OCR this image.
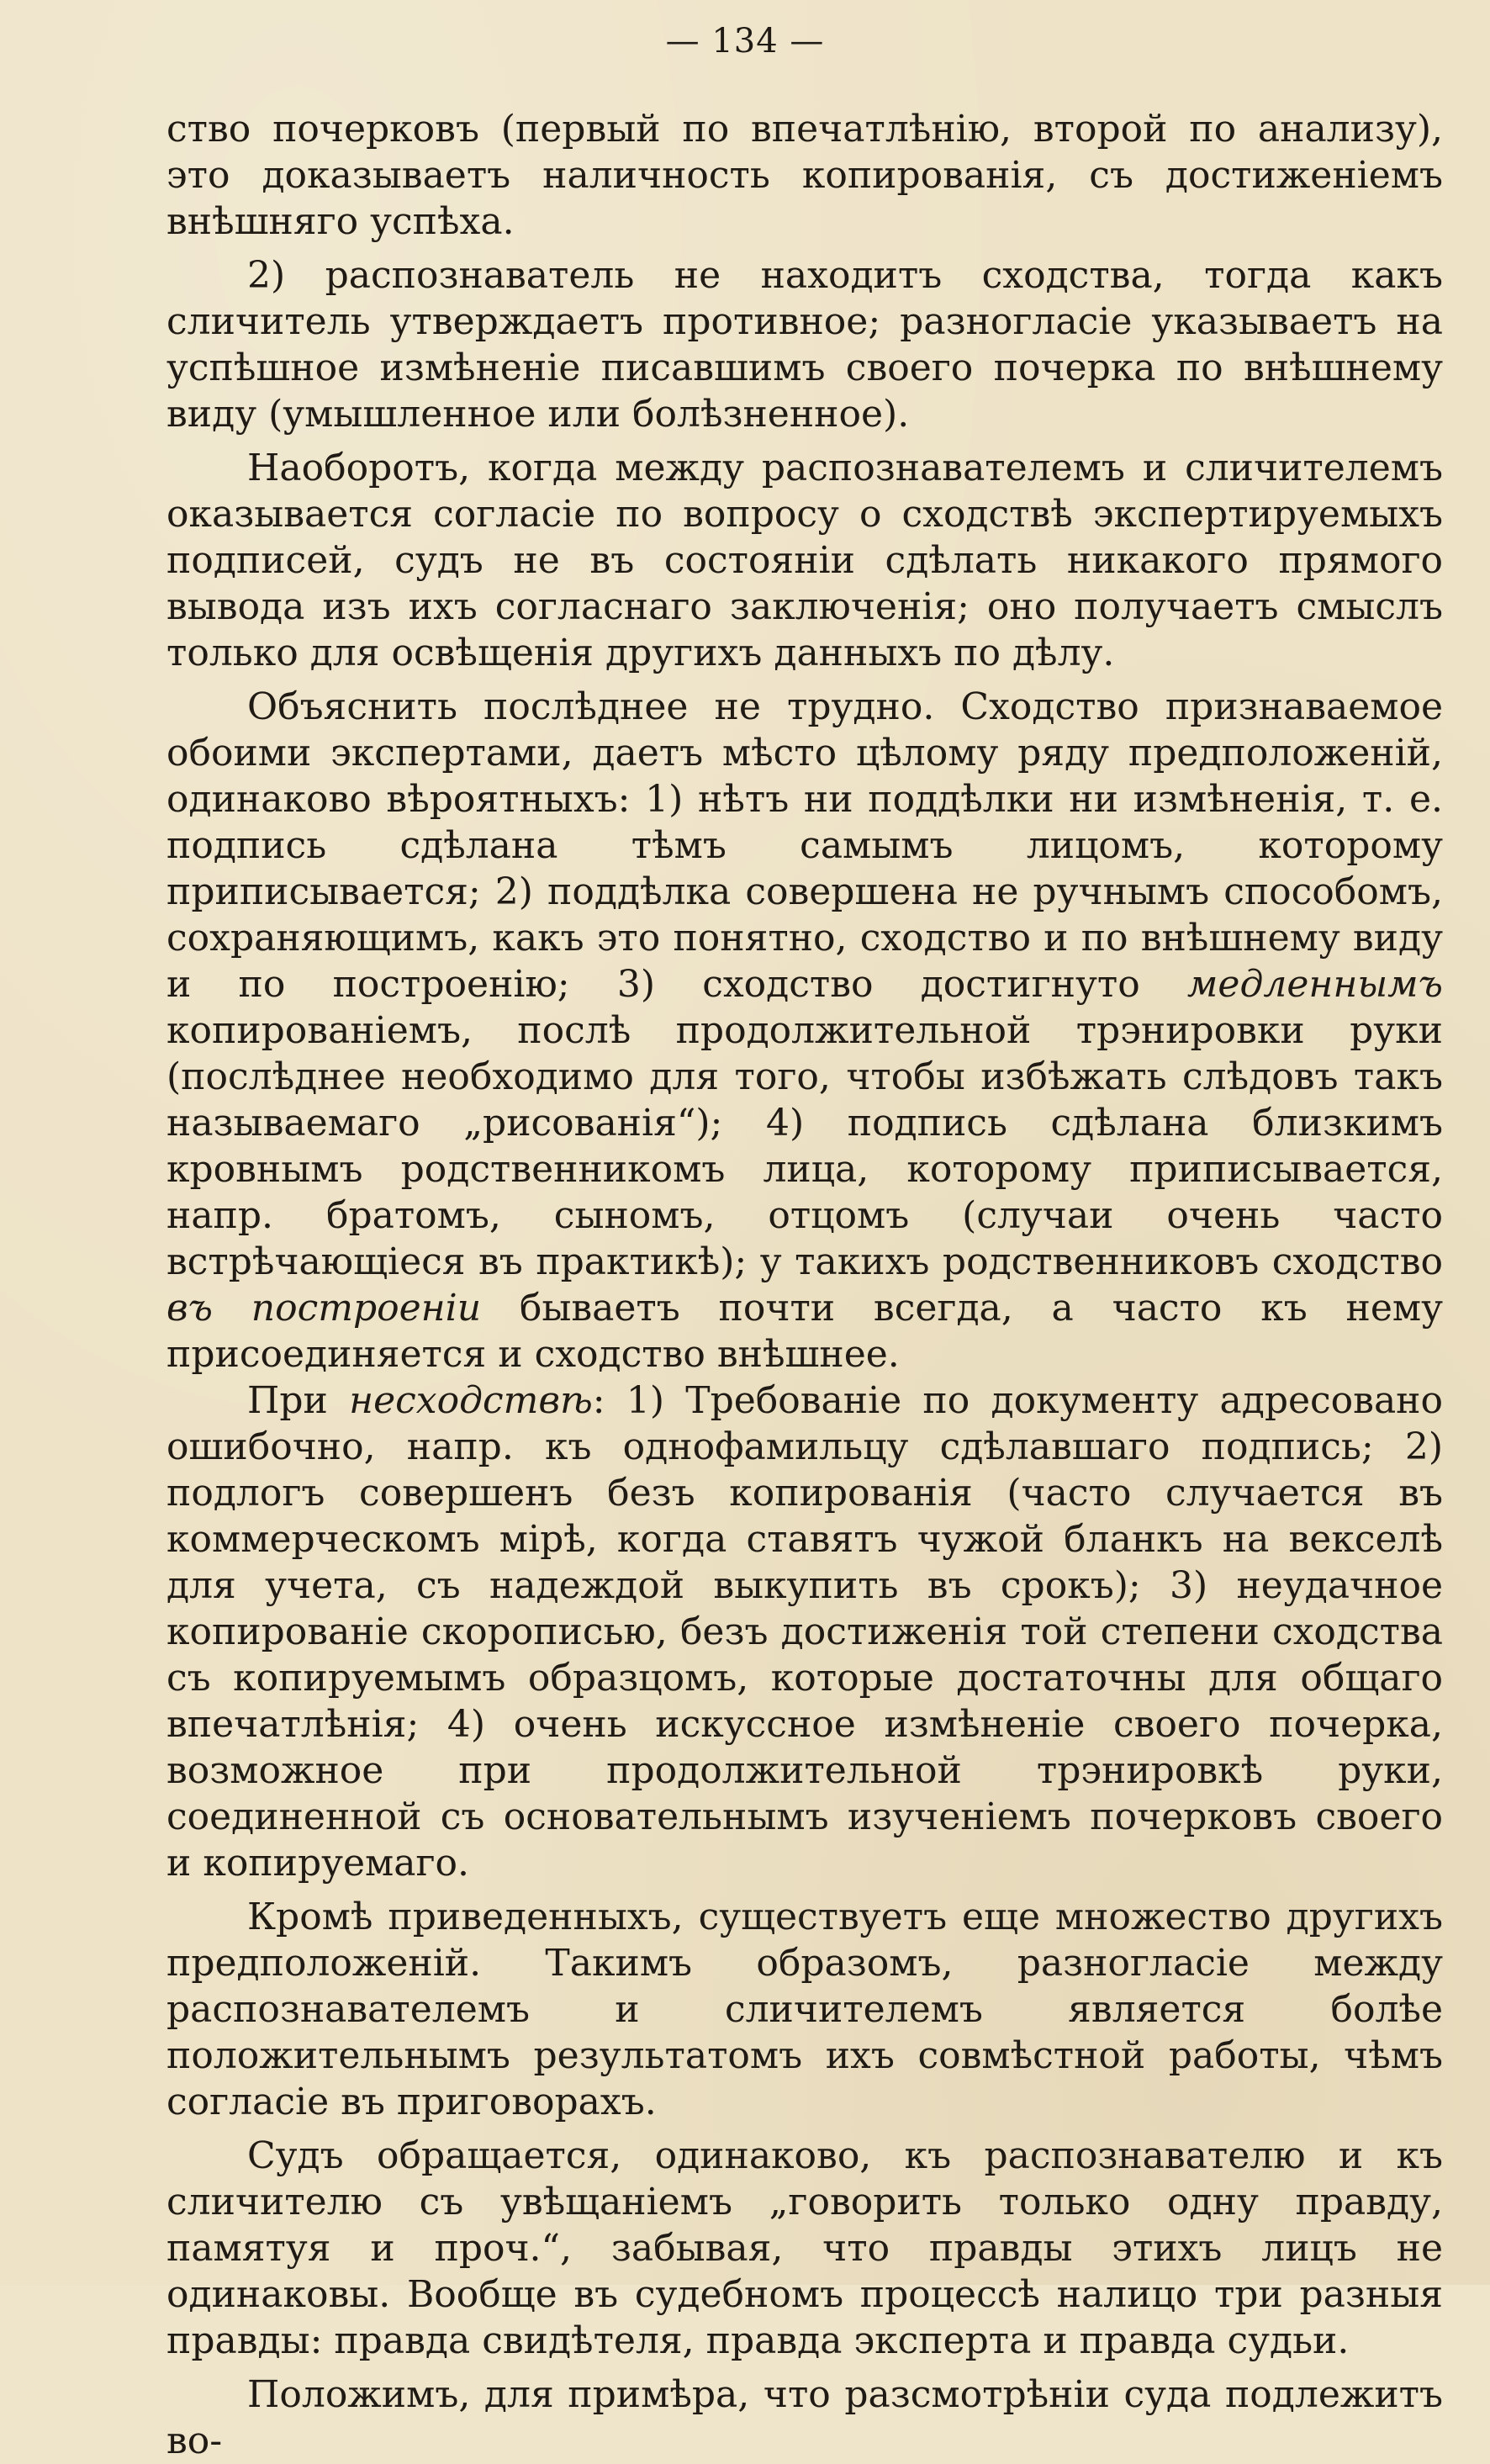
— 134 —

ство почерковъ (первый по впечатлѣнію, второй по анализу), это доказываетъ наличность копированія, съ достиженіемъ внѣшняго успѣха.

2) распознаватель не находитъ сходства, тогда какъ сличитель утверждаетъ противное; разногласіе указываетъ на успѣшное измѣненіе писавшимъ своего почерка по внѣшнему виду (умышленное или болѣзненное).

Наоборотъ, когда между распознавателемъ и сличителемъ оказывается согласіе по вопросу о сходствѣ экспертируемыхъ подписей, судъ не въ состояніи сдѣлать никакого прямого вывода изъ ихъ согласнаго заключенія; оно получаетъ смыслъ только для освѣщенія другихъ данныхъ по дѣлу.

Объяснить послѣднее не трудно. Сходство признаваемое обоими экспертами, даетъ мѣсто цѣлому ряду предположеній, одинаково вѣроятныхъ: 1) нѣтъ ни поддѣлки ни измѣненія, т. е. подпись сдѣлана тѣмъ самымъ лицомъ, которому приписывается; 2) поддѣлка совершена не ручнымъ способомъ, сохраняющимъ, какъ это понятно, сходство и по внѣшнему виду и по построенію; 3) сходство достигнуто медленнымъ копированіемъ, послѣ продолжительной трэнировки руки (послѣднее необходимо для того, чтобы избѣжать слѣдовъ такъ называемаго „рисованія“); 4) подпись сдѣлана близкимъ кровнымъ родственникомъ лица, которому приписывается, напр. братомъ, сыномъ, отцомъ (случаи очень часто встрѣчающіеся въ практикѣ); у такихъ родственниковъ сходство въ построеніи бываетъ почти всегда, а часто къ нему присоединяется и сходство внѣшнее.

При несходствѣ: 1) Требованіе по документу адресовано ошибочно, напр. къ однофамильцу сдѣлавшаго подпись; 2) подлогъ совершенъ безъ копированія (часто случается въ коммерческомъ мірѣ, когда ставятъ чужой бланкъ на векселѣ для учета, съ надеждой выкупить въ срокъ); 3) неудачное копированіе скорописью, безъ достиженія той степени сходства съ копируемымъ образцомъ, которые достаточны для общаго впечатлѣнія; 4) очень искуссное измѣненіе своего почерка, возможное при продолжительной трэнировкѣ руки, соединенной съ основательнымъ изученіемъ почерковъ своего и копируемаго.

Кромѣ приведенныхъ, существуетъ еще множество другихъ предположеній. Такимъ образомъ, разногласіе между распознавателемъ и сличителемъ является болѣе положительнымъ результатомъ ихъ совмѣстной работы, чѣмъ согласіе въ приговорахъ.

Судъ обращается, одинаково, къ распознавателю и къ сличителю съ увѣщаніемъ „говорить только одну правду, памятуя и проч.“, забывая, что правды этихъ лицъ не одинаковы. Вообще въ судебномъ процессѣ налицо три разныя правды: правда свидѣтеля, правда эксперта и правда судьи.

Положимъ, для примѣра, что разсмотрѣніи суда подлежитъ во-
